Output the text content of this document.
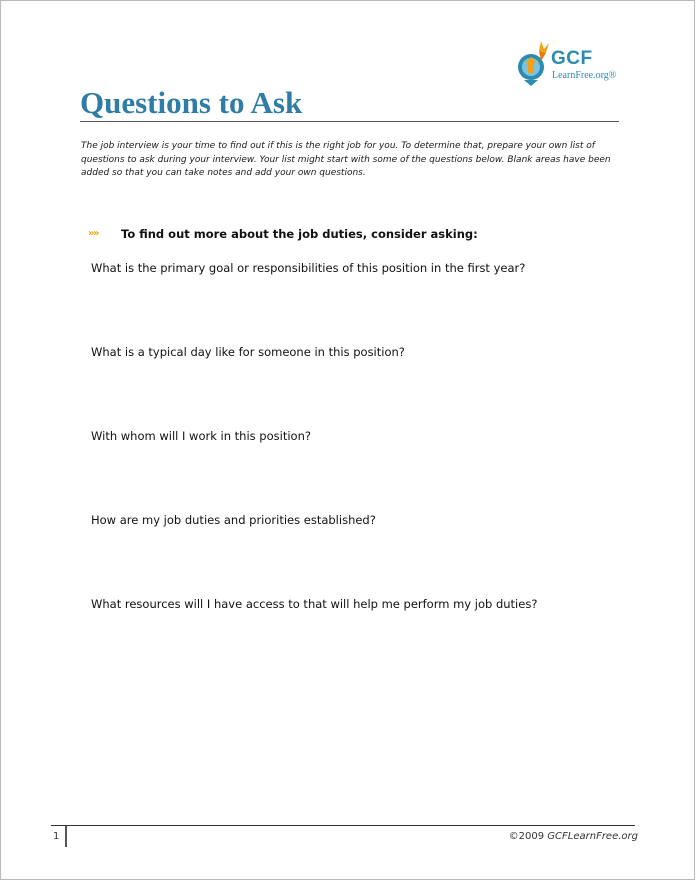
GCF
LearnFree.org®
Questions to Ask

The job interview is your time to find out if this is the right job for you. To determine that, prepare your own list of questions to ask during your interview. Your list might start with some of the questions below. Blank areas have been added so that you can take notes and add your own questions.

»»	To find out more about the job duties, consider asking:

What is the primary goal or responsibilities of this position in the first year?

What is a typical day like for someone in this position?

With whom will I work in this position?

How are my job duties and priorities established?

What resources will I have access to that will help me perform my job duties?

1	©2009 GCFLearnFree.org
